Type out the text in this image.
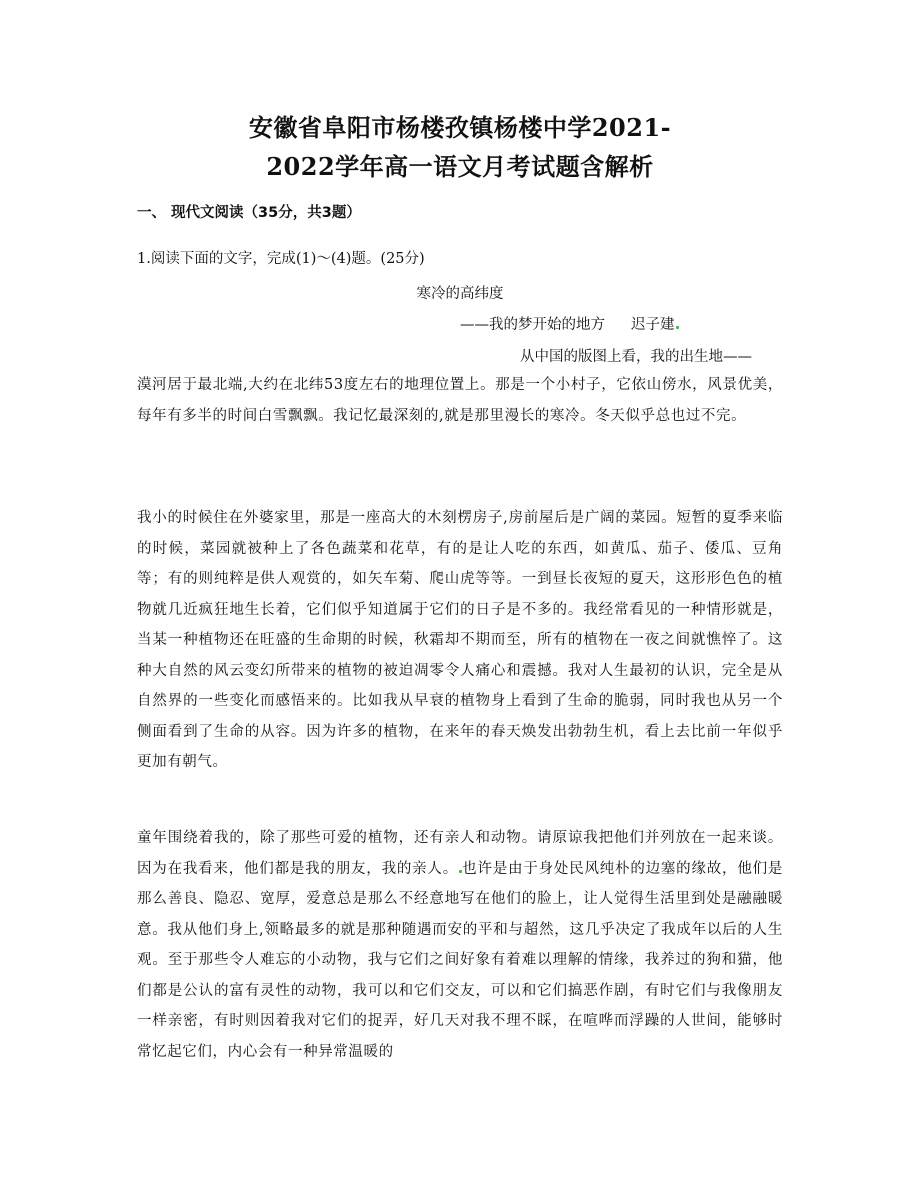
安徽省阜阳市杨楼孜镇杨楼中学2021-
2022学年高一语文月考试题含解析
一、 现代文阅读（35分，共3题）
1.阅读下面的文字，完成(1)～(4)题。(25分)
寒冷的高纬度
——我的梦开始的地方 迟子建
从中国的版图上看，我的出生地——
漠河居于最北端,大约在北纬53度左右的地理位置上。那是一个小村子，它依山傍水，风景优美，每年有多半的时间白雪飘飘。我记忆最深刻的,就是那里漫长的寒冷。冬天似乎总也过不完。
我小的时候住在外婆家里，那是一座高大的木刻楞房子,房前屋后是广阔的菜园。短暂的夏季来临的时候，菜园就被种上了各色蔬菜和花草，有的是让人吃的东西，如黄瓜、茄子、倭瓜、豆角等；有的则纯粹是供人观赏的，如矢车菊、爬山虎等等。一到昼长夜短的夏天，这形形色色的植物就几近疯狂地生长着，它们似乎知道属于它们的日子是不多的。我经常看见的一种情形就是，当某一种植物还在旺盛的生命期的时候，秋霜却不期而至，所有的植物在一夜之间就憔悴了。这种大自然的风云变幻所带来的植物的被迫凋零令人痛心和震撼。我对人生最初的认识，完全是从自然界的一些变化而感悟来的。比如我从早衰的植物身上看到了生命的脆弱，同时我也从另一个侧面看到了生命的从容。因为许多的植物，在来年的春天焕发出勃勃生机，看上去比前一年似乎更加有朝气。
童年围绕着我的，除了那些可爱的植物，还有亲人和动物。请原谅我把他们并列放在一起来谈。因为在我看来，他们都是我的朋友，我的亲人。 也许是由于身处民风纯朴的边塞的缘故，他们是那么善良、隐忍、宽厚，爱意总是那么不经意地写在他们的脸上，让人觉得生活里到处是融融暖意。我从他们身上,领略最多的就是那种随遇而安的平和与超然，这几乎决定了我成年以后的人生观。至于那些令人难忘的小动物，我与它们之间好象有着难以理解的情缘，我养过的狗和猫，他们都是公认的富有灵性的动物，我可以和它们交友，可以和它们搞恶作剧，有时它们与我像朋友一样亲密，有时则因着我对它们的捉弄，好几天对我不理不睬，在喧哗而浮躁的人世间，能够时常忆起它们，内心会有一种异常温暖的
